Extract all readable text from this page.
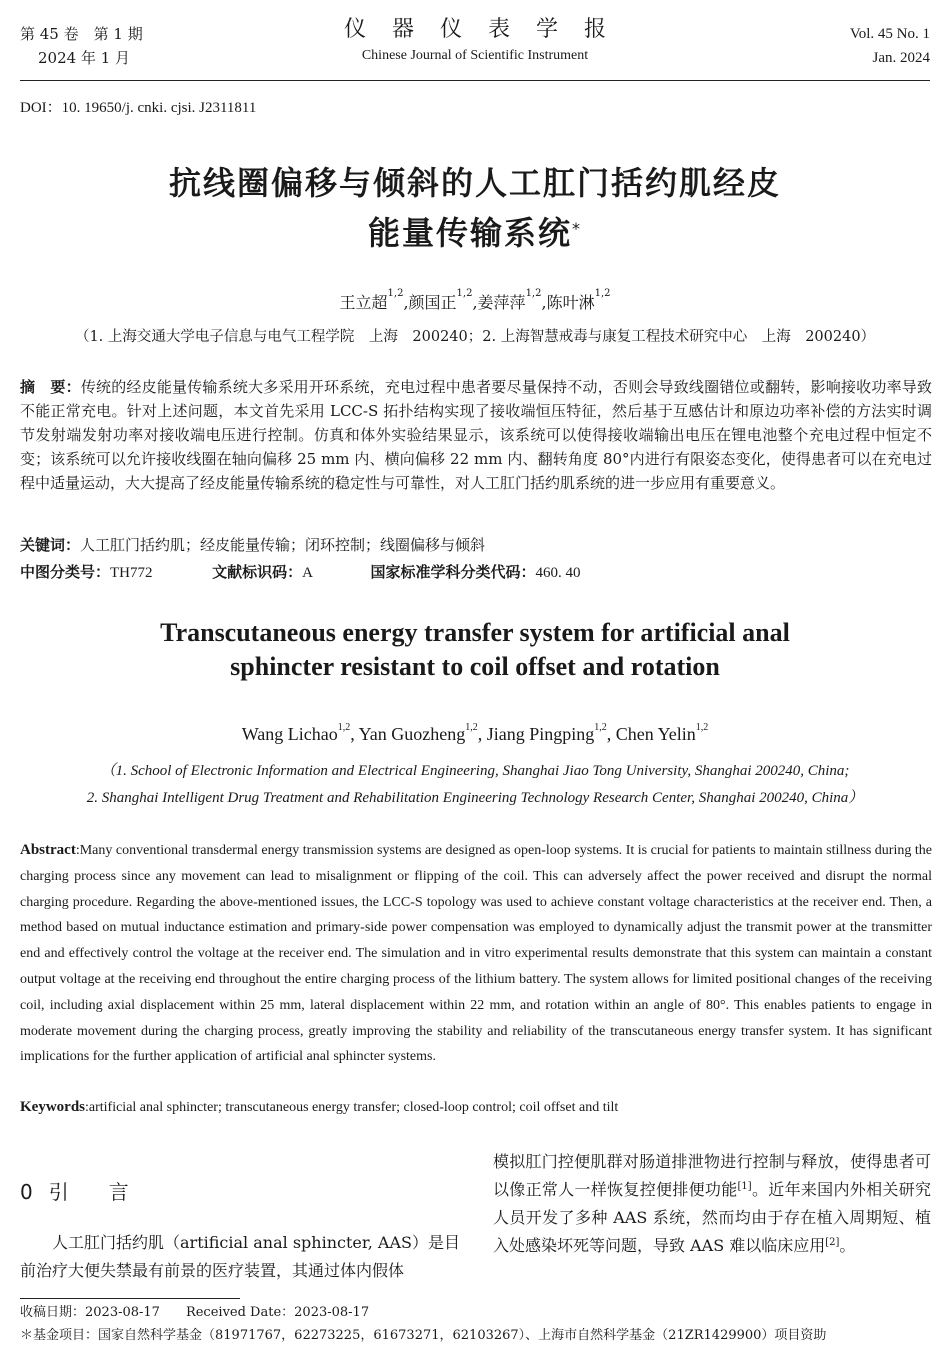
第 45 卷　第 1 期
2024 年 1 月
仪器仪表学报
Chinese Journal of Scientific Instrument
Vol. 45 No. 1
Jan. 2024
DOI：10. 19650/j. cnki. cjsi. J2311811
抗线圈偏移与倾斜的人工肛门括约肌经皮
能量传输系统*
王立超$^{1,2}$,颜国正$^{1,2}$,姜萍萍$^{1,2}$,陈叶淋$^{1,2}$
（1. 上海交通大学电子信息与电气工程学院　上海　200240；2. 上海智慧戒毒与康复工程技术研究中心　上海　200240）
摘　要：传统的经皮能量传输系统大多采用开环系统，充电过程中患者要尽量保持不动，否则会导致线圈错位或翻转，影响接收功率导致不能正常充电。针对上述问题，本文首先采用 LCC-S 拓扑结构实现了接收端恒压特征，然后基于互感估计和原边功率补偿的方法实时调节发射端发射功率对接收端电压进行控制。仿真和体外实验结果显示，该系统可以使得接收端输出电压在锂电池整个充电过程中恒定不变；该系统可以允许接收线圈在轴向偏移 25 mm 内、横向偏移 22 mm 内、翻转角度 80°内进行有限姿态变化，使得患者可以在充电过程中适量运动，大大提高了经皮能量传输系统的稳定性与可靠性，对人工肛门括约肌系统的进一步应用有重要意义。
关键词：人工肛门括约肌；经皮能量传输；闭环控制；线圈偏移与倾斜
中图分类号：TH772	文献标识码：A	国家标准学科分类代码：460. 40
Transcutaneous energy transfer system for artificial anal
sphincter resistant to coil offset and rotation
Wang Lichao$^{1,2}$, Yan Guozheng$^{1,2}$, Jiang Pingping$^{1,2}$, Chen Yelin$^{1,2}$
（1. School of Electronic Information and Electrical Engineering, Shanghai Jiao Tong University, Shanghai 200240, China;
2. Shanghai Intelligent Drug Treatment and Rehabilitation Engineering Technology Research Center, Shanghai 200240, China）
Abstract:Many conventional transdermal energy transmission systems are designed as open-loop systems. It is crucial for patients to maintain stillness during the charging process since any movement can lead to misalignment or flipping of the coil. This can adversely affect the power received and disrupt the normal charging procedure. Regarding the above-mentioned issues, the LCC-S topology was used to achieve constant voltage characteristics at the receiver end. Then, a method based on mutual inductance estimation and primary-side power compensation was employed to dynamically adjust the transmit power at the transmitter end and effectively control the voltage at the receiver end. The simulation and in vitro experimental results demonstrate that this system can maintain a constant output voltage at the receiving end throughout the entire charging process of the lithium battery. The system allows for limited positional changes of the receiving coil, including axial displacement within 25 mm, lateral displacement within 22 mm, and rotation within an angle of 80°. This enables patients to engage in moderate movement during the charging process, greatly improving the stability and reliability of the transcutaneous energy transfer system. It has significant implications for the further application of artificial anal sphincter systems.
Keywords:artificial anal sphincter; transcutaneous energy transfer; closed-loop control; coil offset and tilt
0 引言
　　人工肛门括约肌（artificial anal sphincter, AAS）是目前治疗大便失禁最有前景的医疗装置，其通过体内假体
模拟肛门控便肌群对肠道排泄物进行控制与释放，使得患者可以像正常人一样恢复控便排便功能[1]。近年来国内外相关研究人员开发了多种 AAS 系统，然而均由于存在植入周期短、植入处感染坏死等问题，导致 AAS 难以临床应用[2]。
收稿日期：2023-08-17　　Received Date：2023-08-17
＊基金项目：国家自然科学基金（81971767，62273225，61673271，62103267）、上海市自然科学基金（21ZR1429900）项目资助
